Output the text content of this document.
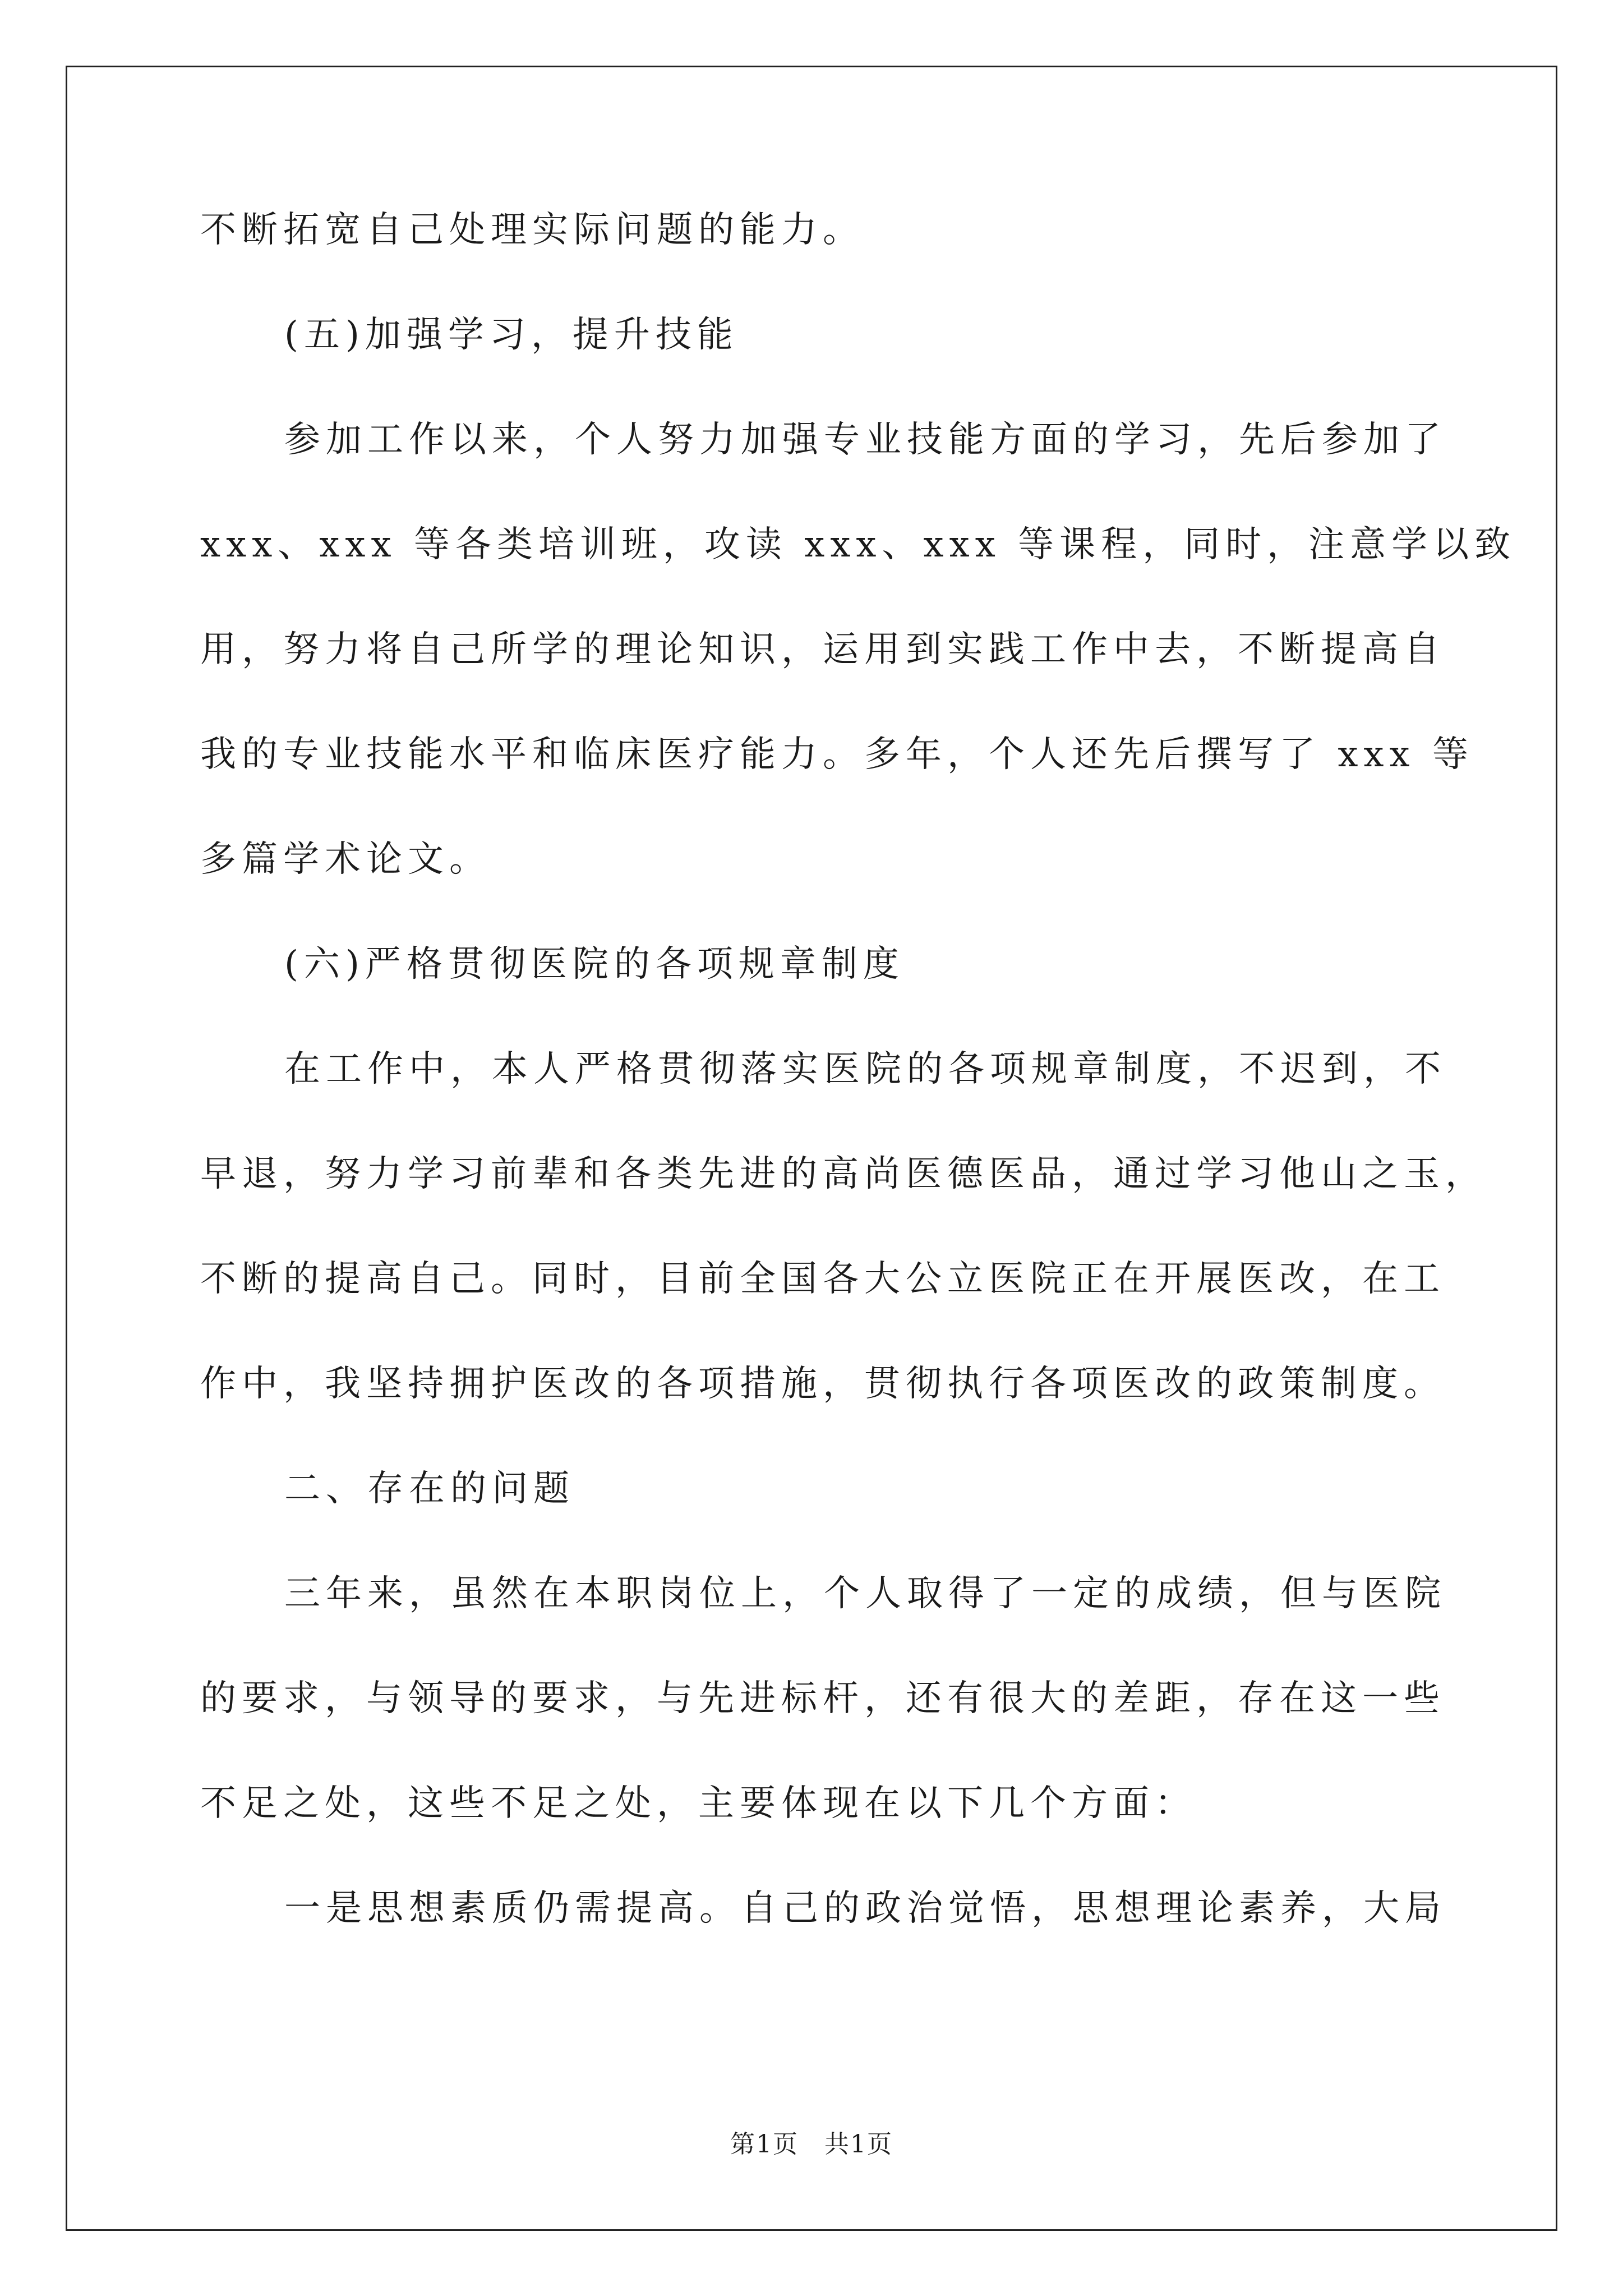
不断拓宽自己处理实际问题的能力。
(五)加强学习，提升技能
参加工作以来，个人努力加强专业技能方面的学习，先后参加了
xxx、xxx 等各类培训班，攻读 xxx、xxx 等课程，同时，注意学以致
用，努力将自己所学的理论知识，运用到实践工作中去，不断提高自
我的专业技能水平和临床医疗能力。多年，个人还先后撰写了 xxx 等
多篇学术论文。
(六)严格贯彻医院的各项规章制度
在工作中，本人严格贯彻落实医院的各项规章制度，不迟到，不
早退，努力学习前辈和各类先进的高尚医德医品，通过学习他山之玉，
不断的提高自己。同时，目前全国各大公立医院正在开展医改，在工
作中，我坚持拥护医改的各项措施，贯彻执行各项医改的政策制度。
二、存在的问题
三年来，虽然在本职岗位上，个人取得了一定的成绩，但与医院
的要求，与领导的要求，与先进标杆，还有很大的差距，存在这一些
不足之处，这些不足之处，主要体现在以下几个方面：
一是思想素质仍需提高。自己的政治觉悟，思想理论素养，大局
第1页　共1页
